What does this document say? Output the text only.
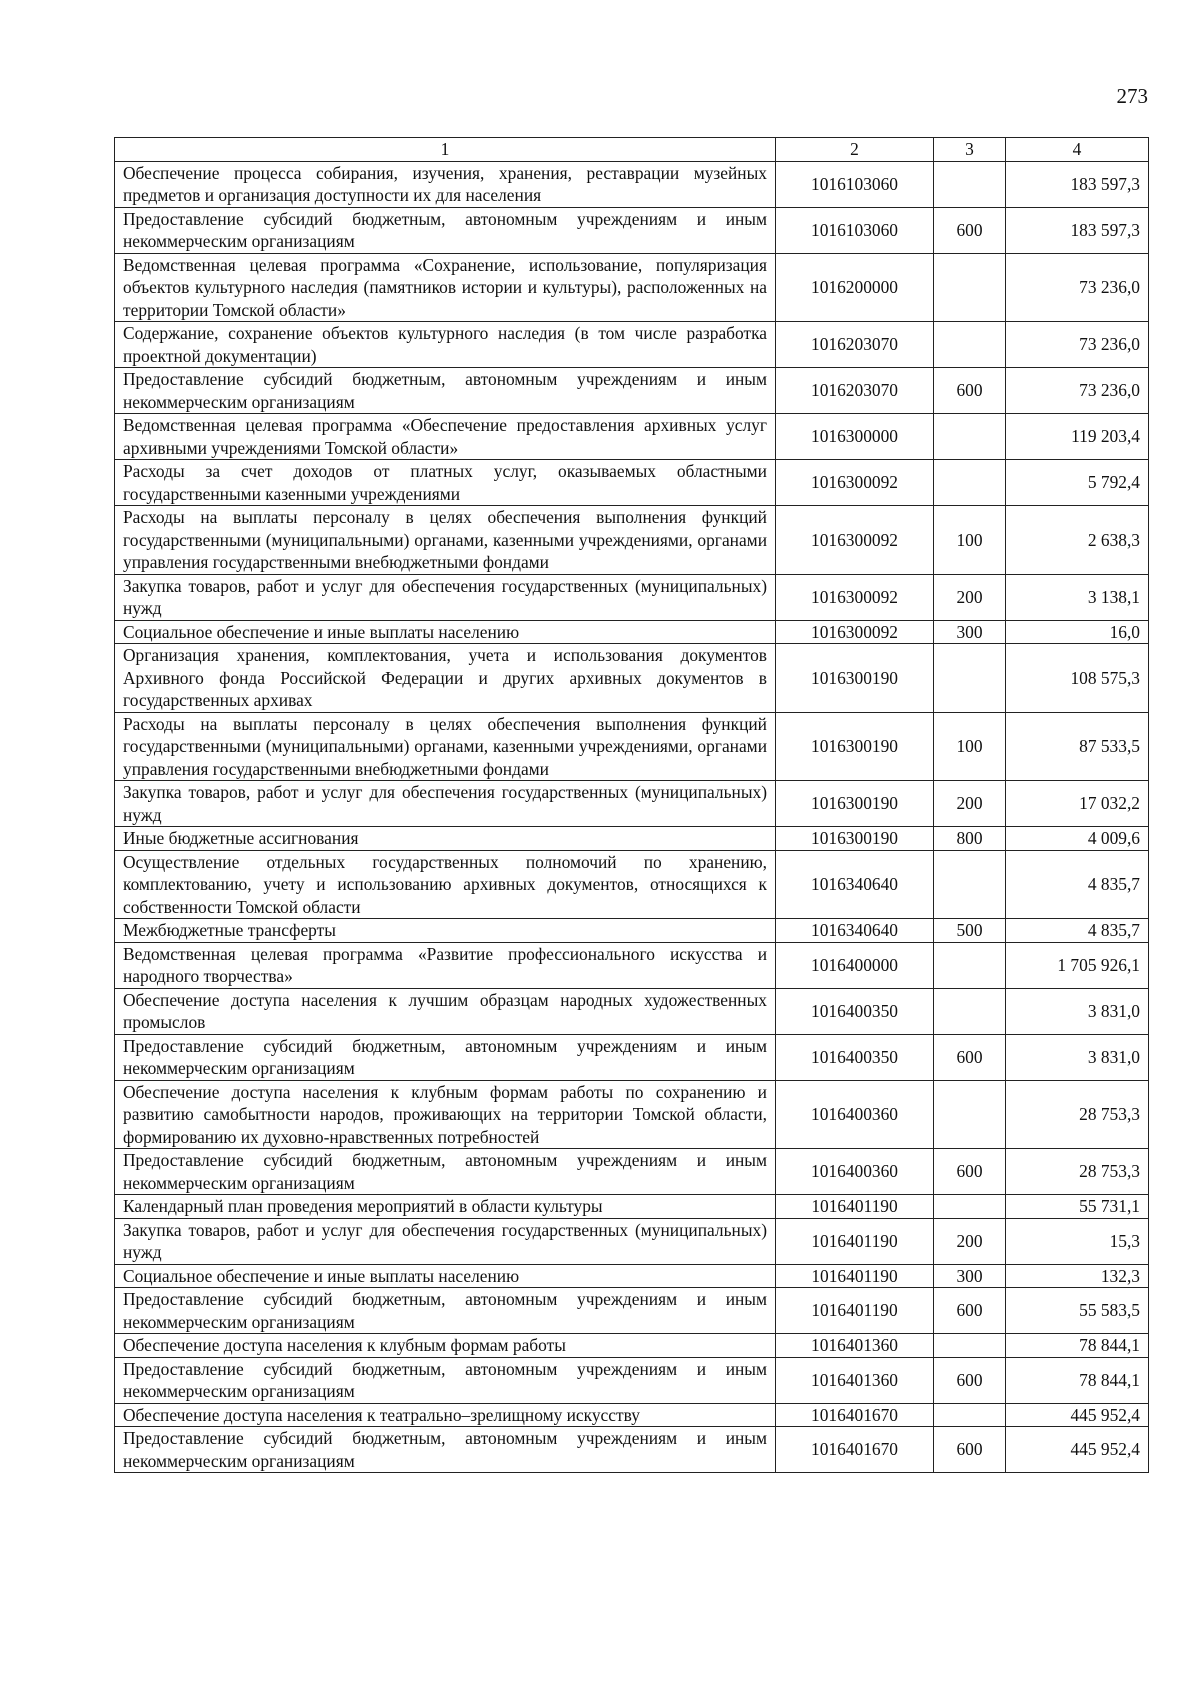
273
1	2	3	4
Обеспечение процесса собирания, изучения, хранения, реставрации музейных предметов и организация доступности их для населения	1016103060		183 597,3
Предоставление субсидий бюджетным, автономным учреждениям и иным некоммерческим организациям	1016103060	600	183 597,3
Ведомственная целевая программа «Сохранение, использование, популяризация объектов культурного наследия (памятников истории и культуры), расположенных на территории Томской области»	1016200000		73 236,0
Содержание, сохранение объектов культурного наследия (в том числе разработка проектной документации)	1016203070		73 236,0
Предоставление субсидий бюджетным, автономным учреждениям и иным некоммерческим организациям	1016203070	600	73 236,0
Ведомственная целевая программа «Обеспечение предоставления архивных услуг архивными учреждениями Томской области»	1016300000		119 203,4
Расходы за счет доходов от платных услуг, оказываемых областными государственными казенными учреждениями	1016300092		5 792,4
Расходы на выплаты персоналу в целях обеспечения выполнения функций государственными (муниципальными) органами, казенными учреждениями, органами управления государственными внебюджетными фондами	1016300092	100	2 638,3
Закупка товаров, работ и услуг для обеспечения государственных (муниципальных) нужд	1016300092	200	3 138,1
Социальное обеспечение и иные выплаты населению	1016300092	300	16,0
Организация хранения, комплектования, учета и использования документов Архивного фонда Российской Федерации и других архивных документов в государственных архивах	1016300190		108 575,3
Расходы на выплаты персоналу в целях обеспечения выполнения функций государственными (муниципальными) органами, казенными учреждениями, органами управления государственными внебюджетными фондами	1016300190	100	87 533,5
Закупка товаров, работ и услуг для обеспечения государственных (муниципальных) нужд	1016300190	200	17 032,2
Иные бюджетные ассигнования	1016300190	800	4 009,6
Осуществление отдельных государственных полномочий по хранению, комплектованию, учету и использованию архивных документов, относящихся к собственности Томской области	1016340640		4 835,7
Межбюджетные трансферты	1016340640	500	4 835,7
Ведомственная целевая программа «Развитие профессионального искусства и народного творчества»	1016400000		1 705 926,1
Обеспечение доступа населения к лучшим образцам народных художественных промыслов	1016400350		3 831,0
Предоставление субсидий бюджетным, автономным учреждениям и иным некоммерческим организациям	1016400350	600	3 831,0
Обеспечение доступа населения к клубным формам работы по сохранению и развитию самобытности народов, проживающих на территории Томской области, формированию их духовно-нравственных потребностей	1016400360		28 753,3
Предоставление субсидий бюджетным, автономным учреждениям и иным некоммерческим организациям	1016400360	600	28 753,3
Календарный план проведения мероприятий в области культуры	1016401190		55 731,1
Закупка товаров, работ и услуг для обеспечения государственных (муниципальных) нужд	1016401190	200	15,3
Социальное обеспечение и иные выплаты населению	1016401190	300	132,3
Предоставление субсидий бюджетным, автономным учреждениям и иным некоммерческим организациям	1016401190	600	55 583,5
Обеспечение доступа населения к клубным формам работы	1016401360		78 844,1
Предоставление субсидий бюджетным, автономным учреждениям и иным некоммерческим организациям	1016401360	600	78 844,1
Обеспечение доступа населения к театрально–зрелищному искусству	1016401670		445 952,4
Предоставление субсидий бюджетным, автономным учреждениям и иным некоммерческим организациям	1016401670	600	445 952,4
